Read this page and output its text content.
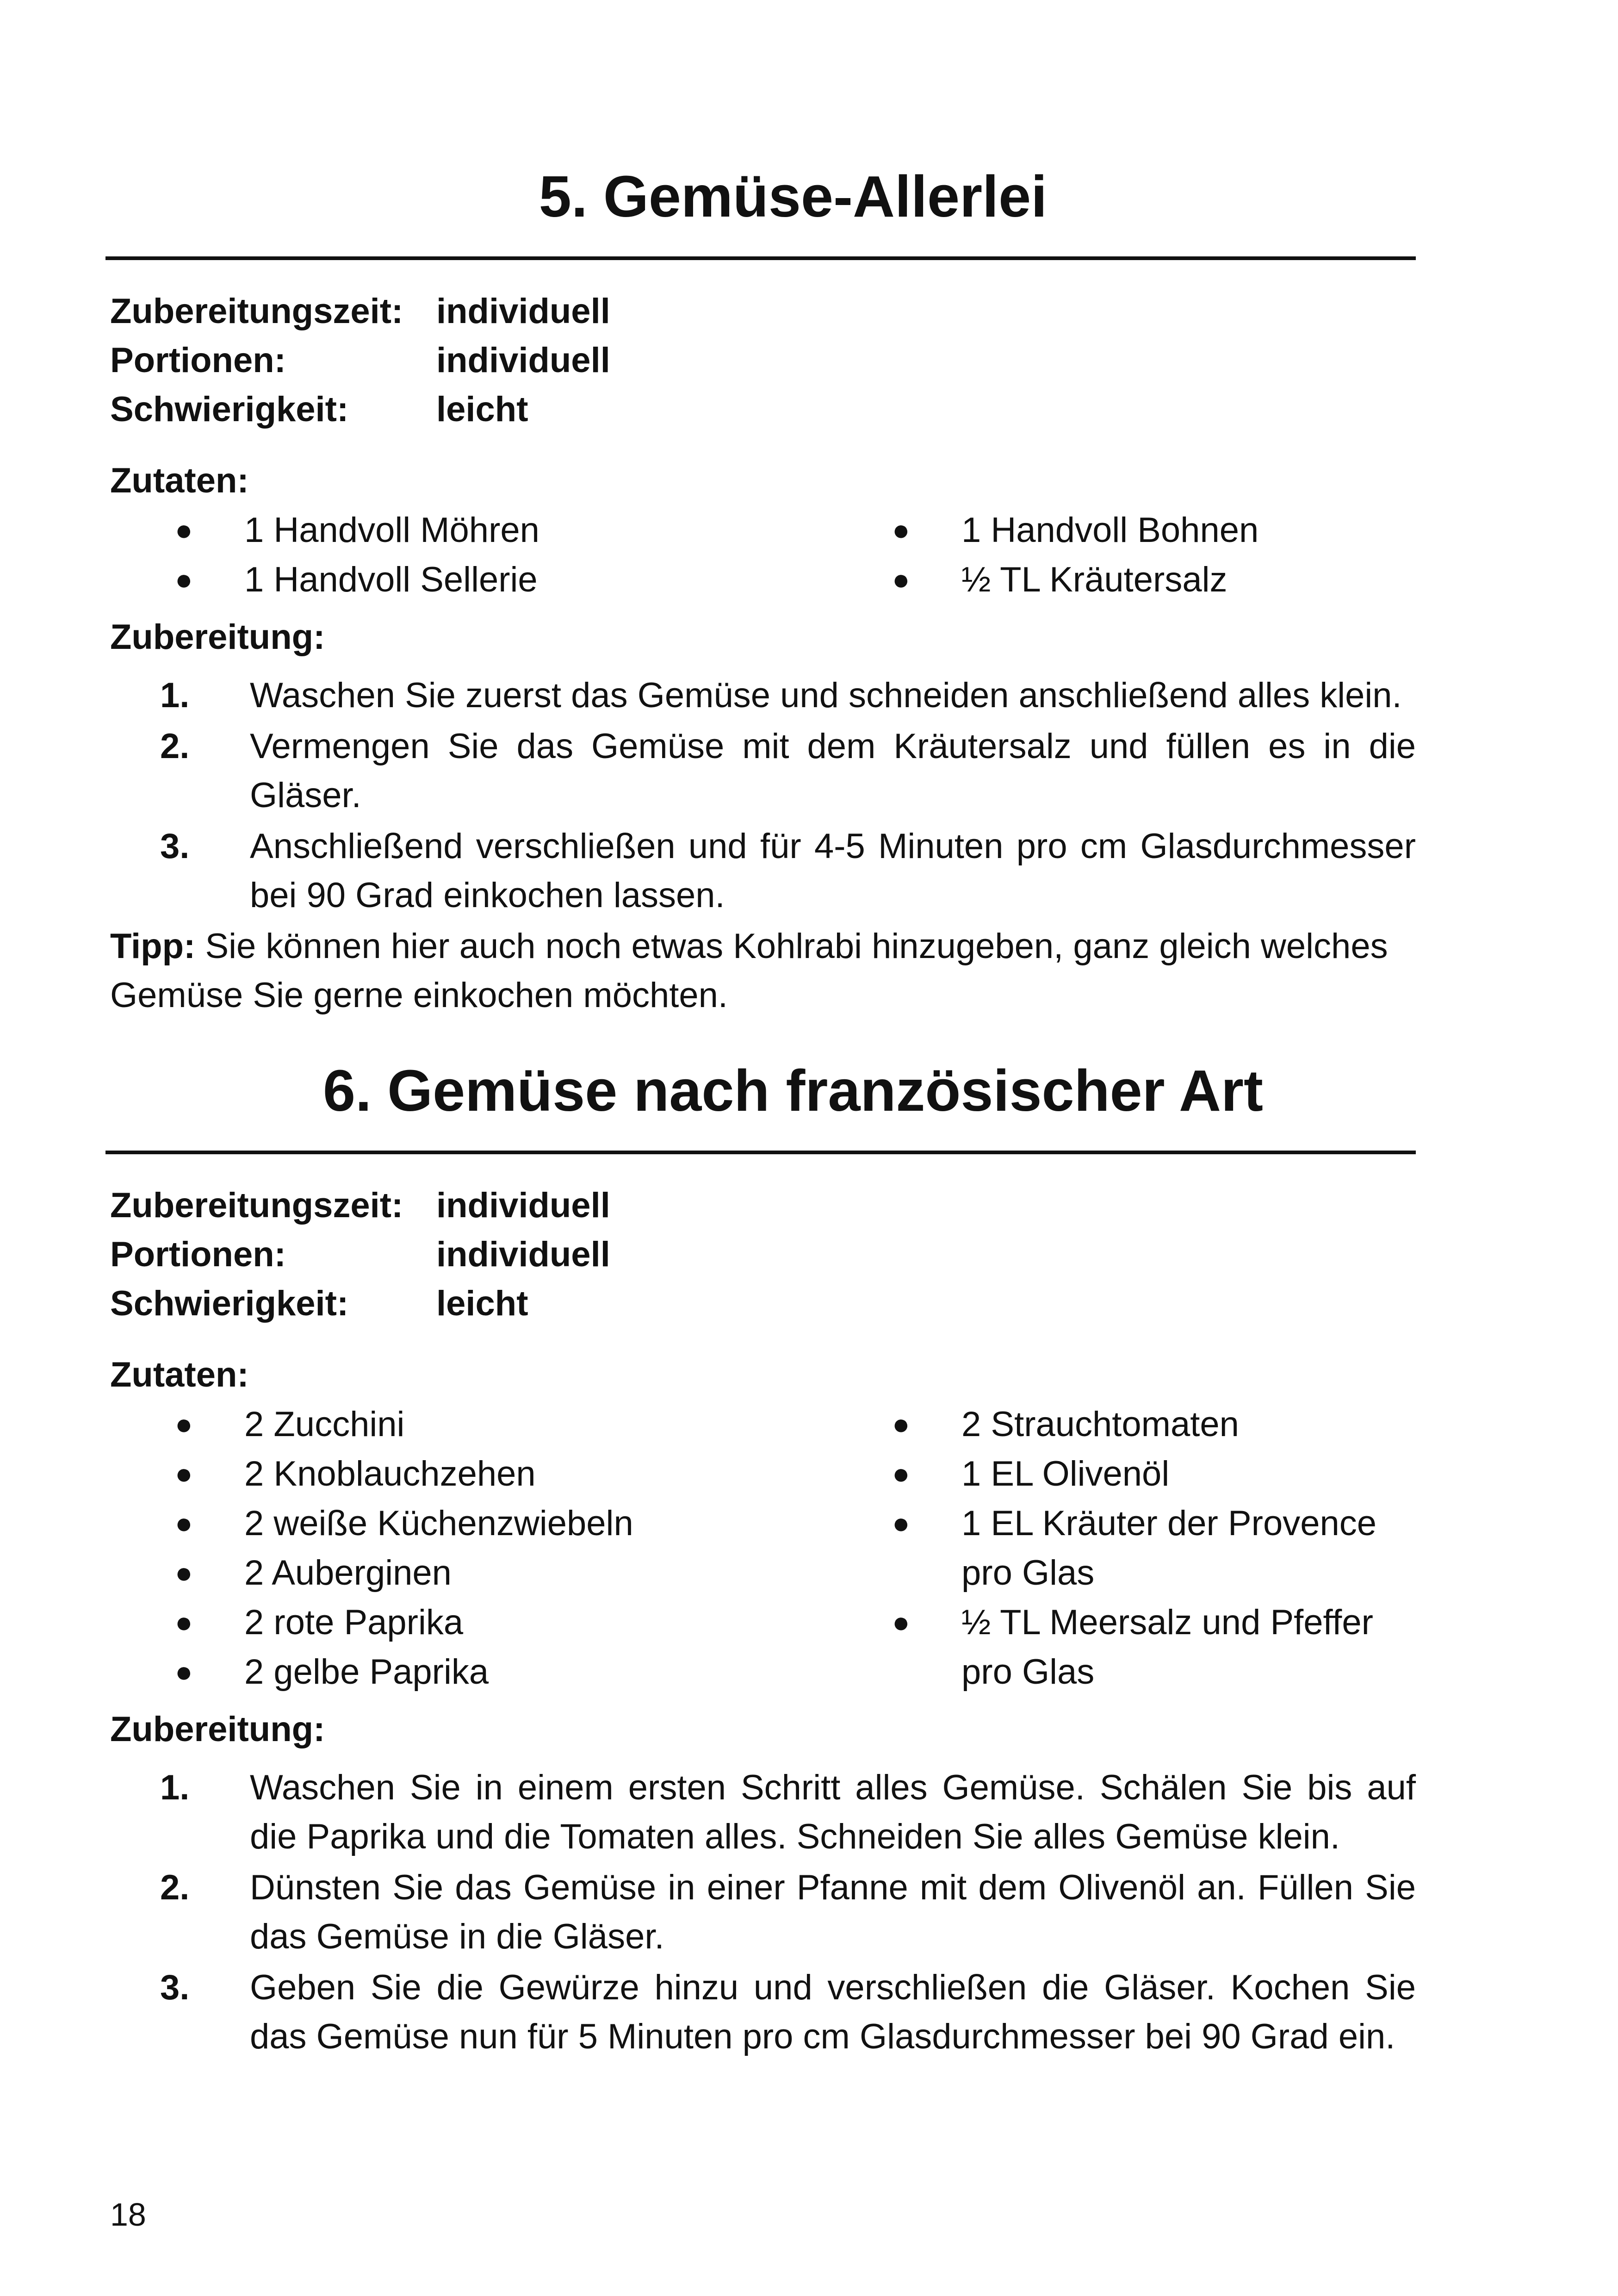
5. Gemüse-Allerlei
Zubereitungszeit: individuell
Portionen:	individuell
Schwierigkeit:	leicht
Zutaten:
●	1 Handvoll Möhren
●	1 Handvoll Sellerie
●	1 Handvoll Bohnen
●	½ TL Kräutersalz
Zubereitung:
1.	Waschen Sie zuerst das Gemüse und schneiden anschließend alles klein.
2.	Vermengen Sie das Gemüse mit dem Kräutersalz und füllen es in die Gläser.
3.	Anschließend verschließen und für 4-5 Minuten pro cm Glasdurchmesser bei 90 Grad einkochen lassen.

Tipp: Sie können hier auch noch etwas Kohlrabi hinzugeben, ganz gleich welches Gemüse Sie gerne einkochen möchten.

6. Gemüse nach französischer Art
Zubereitungszeit: individuell
Portionen:	individuell
Schwierigkeit:	leicht
Zutaten:
●	2 Zucchini
●	2 Knoblauchzehen
●	2 weiße Küchenzwiebeln
●	2 Auberginen
●	2 rote Paprika
●	2 gelbe Paprika
●	2 Strauchtomaten
●	1 EL Olivenöl
●	1 EL Kräuter der Provence pro Glas
●	½ TL Meersalz und Pfeffer pro Glas
Zubereitung:
1.	Waschen Sie in einem ersten Schritt alles Gemüse. Schälen Sie bis auf die Paprika und die Tomaten alles. Schneiden Sie alles Gemüse klein.
2.	Dünsten Sie das Gemüse in einer Pfanne mit dem Olivenöl an. Füllen Sie das Gemüse in die Gläser.
3.	Geben Sie die Gewürze hinzu und verschließen die Gläser. Kochen Sie das Gemüse nun für 5 Minuten pro cm Glasdurchmesser bei 90 Grad ein.
18
